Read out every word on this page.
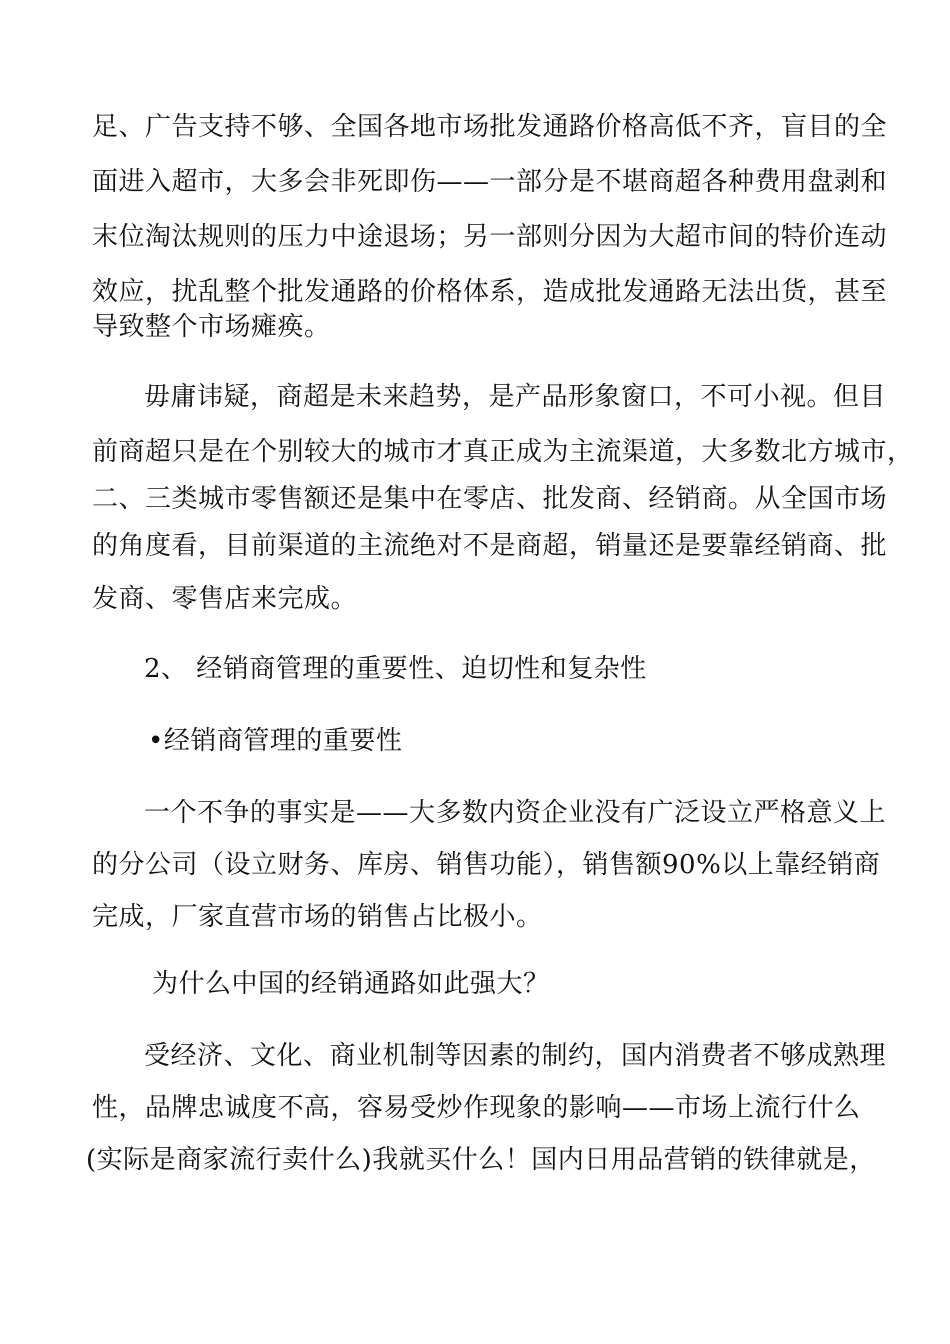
足、广告支持不够、全国各地市场批发通路价格高低不齐，盲目的全
面进入超市，大多会非死即伤——一部分是不堪商超各种费用盘剥和
末位淘汰规则的压力中途退场；另一部则分因为大超市间的特价连动
效应，扰乱整个批发通路的价格体系，造成批发通路无法出货，甚至
导致整个市场瘫痪。
毋庸讳疑，商超是未来趋势，是产品形象窗口，不可小视。但目
前商超只是在个别较大的城市才真正成为主流渠道，大多数北方城市，
二、三类城市零售额还是集中在零店、批发商、经销商。从全国市场
的角度看，目前渠道的主流绝对不是商超，销量还是要靠经销商、批
发商、零售店来完成。
2、 经销商管理的重要性、迫切性和复杂性
•经销商管理的重要性
一个不争的事实是——大多数内资企业没有广泛设立严格意义上
的分公司（设立财务、库房、销售功能），销售额90%以上靠经销商
完成，厂家直营市场的销售占比极小。
为什么中国的经销通路如此强大？
受经济、文化、商业机制等因素的制约，国内消费者不够成熟理
性，品牌忠诚度不高，容易受炒作现象的影响——市场上流行什么
(实际是商家流行卖什么)我就买什么！国内日用品营销的铁律就是，
